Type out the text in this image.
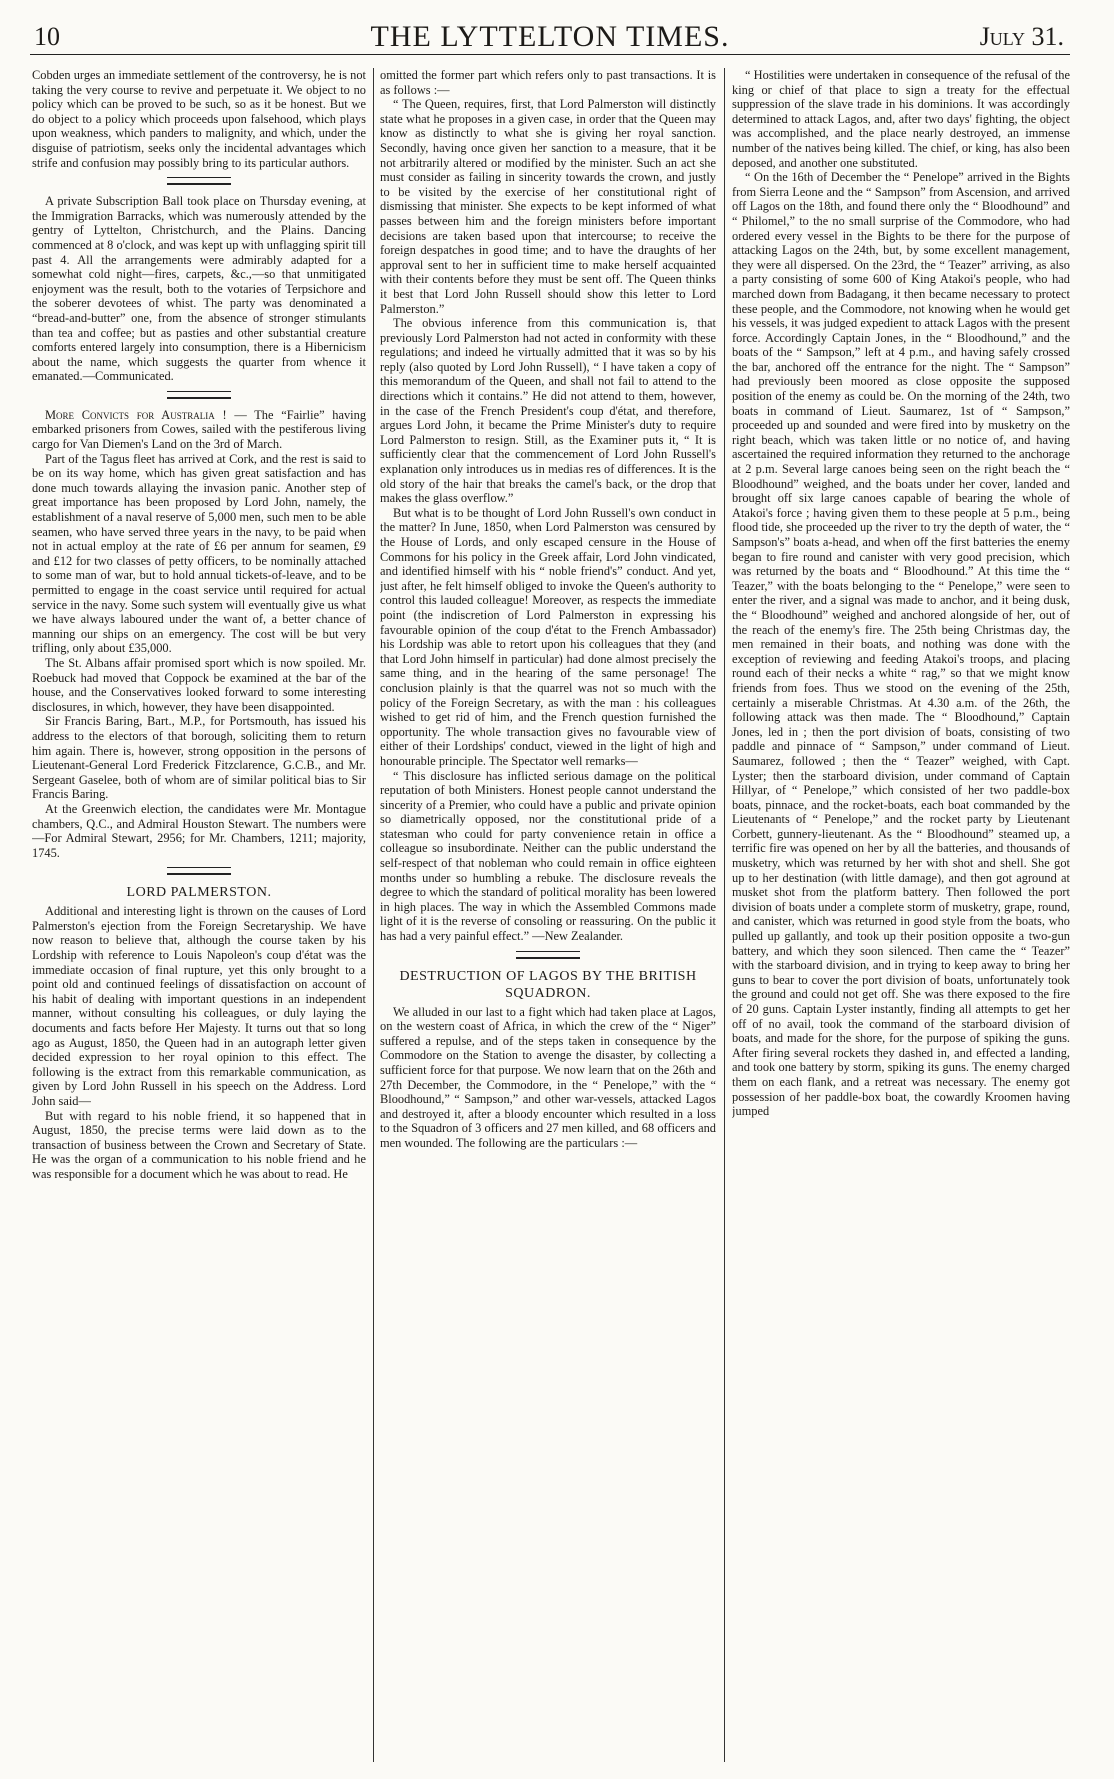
10	THE LYTTELTON TIMES.	July 31.

Cobden urges an immediate settlement of the controversy, he is not taking the very course to revive and perpetuate it. We object to no policy which can be proved to be such, so as it be honest. But we do object to a policy which proceeds upon falsehood, which plays upon weakness, which panders to malignity, and which, under the disguise of patriotism, seeks only the incidental advantages which strife and confusion may possibly bring to its particular authors.

A private Subscription Ball took place on Thursday evening, at the Immigration Barracks, which was numerously attended by the gentry of Lyttelton, Christchurch, and the Plains. Dancing commenced at 8 o'clock, and was kept up with unflagging spirit till past 4. All the arrangements were admirably adapted for a somewhat cold night—fires, carpets, &c.,—so that unmitigated enjoyment was the result, both to the votaries of Terpsichore and the soberer devotees of whist. The party was denominated a “bread-and-butter” one, from the absence of stronger stimulants than tea and coffee; but as pasties and other substantial creature comforts entered largely into consumption, there is a Hibernicism about the name, which suggests the quarter from whence it emanated.—Communicated.

More Convicts for Australia ! — The “Fairlie” having embarked prisoners from Cowes, sailed with the pestiferous living cargo for Van Diemen's Land on the 3rd of March.

Part of the Tagus fleet has arrived at Cork, and the rest is said to be on its way home, which has given great satisfaction and has done much towards allaying the invasion panic. Another step of great importance has been proposed by Lord John, namely, the establishment of a naval reserve of 5,000 men, such men to be able seamen, who have served three years in the navy, to be paid when not in actual employ at the rate of £6 per annum for seamen, £9 and £12 for two classes of petty officers, to be nominally attached to some man of war, but to hold annual tickets-of-leave, and to be permitted to engage in the coast service until required for actual service in the navy. Some such system will eventually give us what we have always laboured under the want of, a better chance of manning our ships on an emergency. The cost will be but very trifling, only about £35,000.

The St. Albans affair promised sport which is now spoiled. Mr. Roebuck had moved that Coppock be examined at the bar of the house, and the Conservatives looked forward to some interesting disclosures, in which, however, they have been disappointed.

Sir Francis Baring, Bart., M.P., for Portsmouth, has issued his address to the electors of that borough, soliciting them to return him again. There is, however, strong opposition in the persons of Lieutenant-General Lord Frederick Fitzclarence, G.C.B., and Mr. Sergeant Gaselee, both of whom are of similar political bias to Sir Francis Baring.

At the Greenwich election, the candidates were Mr. Montague chambers, Q.C., and Admiral Houston Stewart. The numbers were—For Admiral Stewart, 2956; for Mr. Chambers, 1211; majority, 1745.

LORD PALMERSTON.

Additional and interesting light is thrown on the causes of Lord Palmerston's ejection from the Foreign Secretaryship. We have now reason to believe that, although the course taken by his Lordship with reference to Louis Napoleon's coup d'état was the immediate occasion of final rupture, yet this only brought to a point old and continued feelings of dissatisfaction on account of his habit of dealing with important questions in an independent manner, without consulting his colleagues, or duly laying the documents and facts before Her Majesty. It turns out that so long ago as August, 1850, the Queen had in an autograph letter given decided expression to her royal opinion to this effect. The following is the extract from this remarkable communication, as given by Lord John Russell in his speech on the Address. Lord John said—

But with regard to his noble friend, it so happened that in August, 1850, the precise terms were laid down as to the transaction of business between the Crown and Secretary of State. He was the organ of a communication to his noble friend and he was responsible for a document which he was about to read. He

omitted the former part which refers only to past transactions. It is as follows :—

“ The Queen, requires, first, that Lord Palmerston will distinctly state what he proposes in a given case, in order that the Queen may know as distinctly to what she is giving her royal sanction. Secondly, having once given her sanction to a measure, that it be not arbitrarily altered or modified by the minister. Such an act she must consider as failing in sincerity towards the crown, and justly to be visited by the exercise of her constitutional right of dismissing that minister. She expects to be kept informed of what passes between him and the foreign ministers before important decisions are taken based upon that intercourse; to receive the foreign despatches in good time; and to have the draughts of her approval sent to her in sufficient time to make herself acquainted with their contents before they must be sent off. The Queen thinks it best that Lord John Russell should show this letter to Lord Palmerston.”

The obvious inference from this communication is, that previously Lord Palmerston had not acted in conformity with these regulations; and indeed he virtually admitted that it was so by his reply (also quoted by Lord John Russell), “ I have taken a copy of this memorandum of the Queen, and shall not fail to attend to the directions which it contains.” He did not attend to them, however, in the case of the French President's coup d'état, and therefore, argues Lord John, it became the Prime Minister's duty to require Lord Palmerston to resign. Still, as the Examiner puts it, “ It is sufficiently clear that the commencement of Lord John Russell's explanation only introduces us in medias res of differences. It is the old story of the hair that breaks the camel's back, or the drop that makes the glass overflow.”

But what is to be thought of Lord John Russell's own conduct in the matter? In June, 1850, when Lord Palmerston was censured by the House of Lords, and only escaped censure in the House of Commons for his policy in the Greek affair, Lord John vindicated, and identified himself with his “ noble friend's” conduct. And yet, just after, he felt himself obliged to invoke the Queen's authority to control this lauded colleague! Moreover, as respects the immediate point (the indiscretion of Lord Palmerston in expressing his favourable opinion of the coup d'état to the French Ambassador) his Lordship was able to retort upon his colleagues that they (and that Lord John himself in particular) had done almost precisely the same thing, and in the hearing of the same personage! The conclusion plainly is that the quarrel was not so much with the policy of the Foreign Secretary, as with the man : his colleagues wished to get rid of him, and the French question furnished the opportunity. The whole transaction gives no favourable view of either of their Lordships' conduct, viewed in the light of high and honourable principle. The Spectator well remarks—

“ This disclosure has inflicted serious damage on the political reputation of both Ministers. Honest people cannot understand the sincerity of a Premier, who could have a public and private opinion so diametrically opposed, nor the constitutional pride of a statesman who could for party convenience retain in office a colleague so insubordinate. Neither can the public understand the self-respect of that nobleman who could remain in office eighteen months under so humbling a rebuke. The disclosure reveals the degree to which the standard of political morality has been lowered in high places. The way in which the Assembled Commons made light of it is the reverse of consoling or reassuring. On the public it has had a very painful effect.” —New Zealander.

DESTRUCTION OF LAGOS BY THE BRITISH SQUADRON.

We alluded in our last to a fight which had taken place at Lagos, on the western coast of Africa, in which the crew of the “ Niger” suffered a repulse, and of the steps taken in consequence by the Commodore on the Station to avenge the disaster, by collecting a sufficient force for that purpose. We now learn that on the 26th and 27th December, the Commodore, in the “ Penelope,” with the “ Bloodhound,” “ Sampson,” and other war-vessels, attacked Lagos and destroyed it, after a bloody encounter which resulted in a loss to the Squadron of 3 officers and 27 men killed, and 68 officers and men wounded. The following are the particulars :—

“ Hostilities were undertaken in consequence of the refusal of the king or chief of that place to sign a treaty for the effectual suppression of the slave trade in his dominions. It was accordingly determined to attack Lagos, and, after two days' fighting, the object was accomplished, and the place nearly destroyed, an immense number of the natives being killed. The chief, or king, has also been deposed, and another one substituted.

“ On the 16th of December the “ Penelope” arrived in the Bights from Sierra Leone and the “ Sampson” from Ascension, and arrived off Lagos on the 18th, and found there only the “ Bloodhound” and “ Philomel,” to the no small surprise of the Commodore, who had ordered every vessel in the Bights to be there for the purpose of attacking Lagos on the 24th, but, by some excellent management, they were all dispersed. On the 23rd, the “ Teazer” arriving, as also a party consisting of some 600 of King Atakoi's people, who had marched down from Badagang, it then became necessary to protect these people, and the Commodore, not knowing when he would get his vessels, it was judged expedient to attack Lagos with the present force. Accordingly Captain Jones, in the “ Bloodhound,” and the boats of the “ Sampson,” left at 4 p.m., and having safely crossed the bar, anchored off the entrance for the night. The “ Sampson” had previously been moored as close opposite the supposed position of the enemy as could be. On the morning of the 24th, two boats in command of Lieut. Saumarez, 1st of “ Sampson,” proceeded up and sounded and were fired into by musketry on the right beach, which was taken little or no notice of, and having ascertained the required information they returned to the anchorage at 2 p.m. Several large canoes being seen on the right beach the “ Bloodhound” weighed, and the boats under her cover, landed and brought off six large canoes capable of bearing the whole of Atakoi's force ; having given them to these people at 5 p.m., being flood tide, she proceeded up the river to try the depth of water, the “ Sampson's” boats a-head, and when off the first batteries the enemy began to fire round and canister with very good precision, which was returned by the boats and “ Bloodhound.” At this time the “ Teazer,” with the boats belonging to the “ Penelope,” were seen to enter the river, and a signal was made to anchor, and it being dusk, the “ Bloodhound” weighed and anchored alongside of her, out of the reach of the enemy's fire. The 25th being Christmas day, the men remained in their boats, and nothing was done with the exception of reviewing and feeding Atakoi's troops, and placing round each of their necks a white “ rag,” so that we might know friends from foes. Thus we stood on the evening of the 25th, certainly a miserable Christmas. At 4.30 a.m. of the 26th, the following attack was then made. The “ Bloodhound,” Captain Jones, led in ; then the port division of boats, consisting of two paddle and pinnace of “ Sampson,” under command of Lieut. Saumarez, followed ; then the “ Teazer” weighed, with Capt. Lyster; then the starboard division, under command of Captain Hillyar, of “ Penelope,” which consisted of her two paddle-box boats, pinnace, and the rocket-boats, each boat commanded by the Lieutenants of “ Penelope,” and the rocket party by Lieutenant Corbett, gunnery-lieutenant. As the “ Bloodhound” steamed up, a terrific fire was opened on her by all the batteries, and thousands of musketry, which was returned by her with shot and shell. She got up to her destination (with little damage), and then got aground at musket shot from the platform battery. Then followed the port division of boats under a complete storm of musketry, grape, round, and canister, which was returned in good style from the boats, who pulled up gallantly, and took up their position opposite a two-gun battery, and which they soon silenced. Then came the “ Teazer” with the starboard division, and in trying to keep away to bring her guns to bear to cover the port division of boats, unfortunately took the ground and could not get off. She was there exposed to the fire of 20 guns. Captain Lyster instantly, finding all attempts to get her off of no avail, took the command of the starboard division of boats, and made for the shore, for the purpose of spiking the guns. After firing several rockets they dashed in, and effected a landing, and took one battery by storm, spiking its guns. The enemy charged them on each flank, and a retreat was necessary. The enemy got possession of her paddle-box boat, the cowardly Kroomen having jumped
